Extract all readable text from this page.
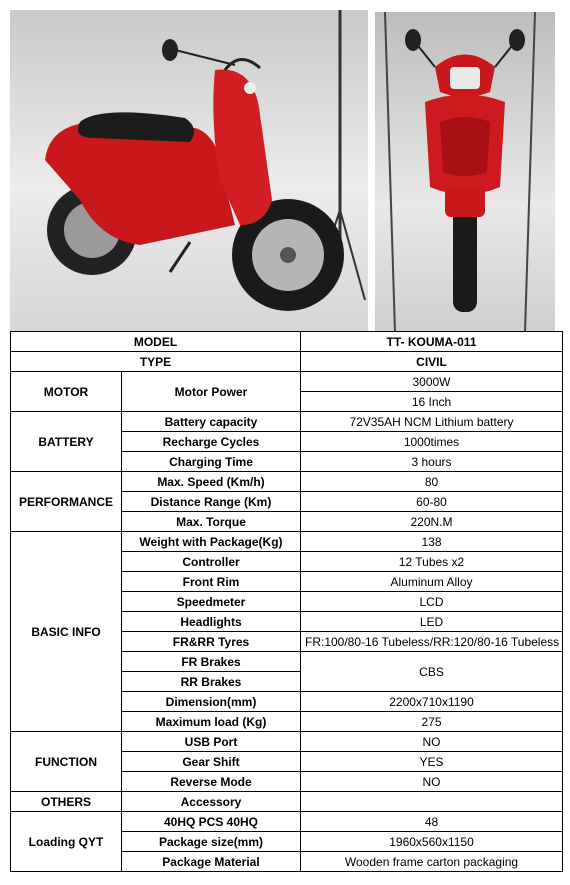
MODEL		TT- KOUMA-011
TYPE		CIVIL
MOTOR	Motor Power	3000W
		16 Inch
BATTERY	Battery capacity	72V35AH NCM Lithium battery
	Recharge Cycles	1000times
	Charging Time	3 hours
PERFORMANCE	Max. Speed (Km/h)	80
	Distance Range (Km)	60-80
	Max. Torque	220N.M
BASIC INFO	Weight with Package(Kg)	138
	Controller	12 Tubes x2
	Front Rim	Aluminum Alloy
	Speedmeter	LCD
	Headlights	LED
	FR&RR Tyres	FR:100/80-16 Tubeless/RR:120/80-16 Tubeless
	FR Brakes	CBS
	RR Brakes	
	Dimension(mm)	2200x710x1190
	Maximum load (Kg)	275
FUNCTION	USB Port	NO
	Gear Shift	YES
	Reverse Mode	NO
OTHERS	Accessory	
Loading QYT	40HQ PCS 40HQ	48
	Package size(mm)	1960x560x1150
	Package Material	Wooden frame carton packaging
